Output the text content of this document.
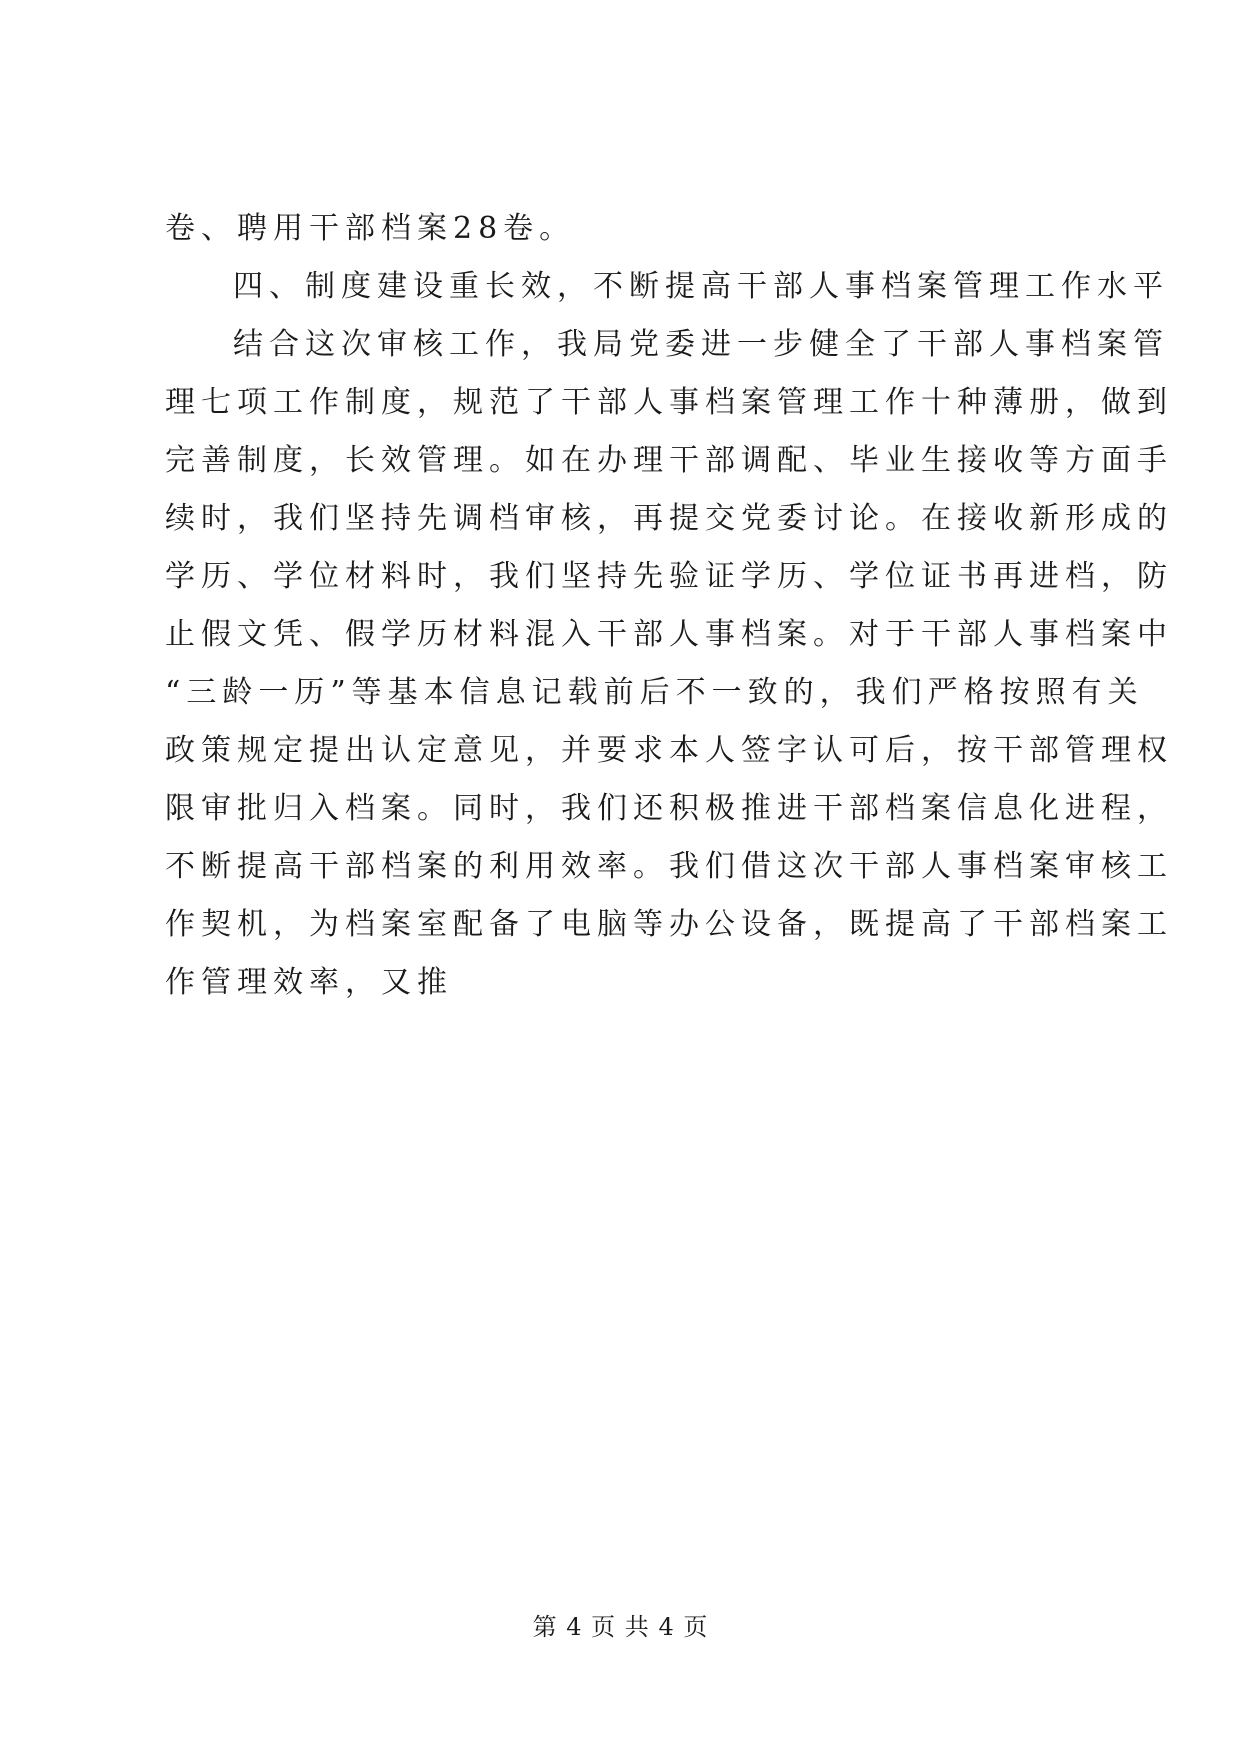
卷、聘用干部档案28卷。
四、制度建设重长效，不断提高干部人事档案管理工作水平
结合这次审核工作，我局党委进一步健全了干部人事档案管
理七项工作制度，规范了干部人事档案管理工作十种薄册，做到
完善制度，长效管理。如在办理干部调配、毕业生接收等方面手
续时，我们坚持先调档审核，再提交党委讨论。在接收新形成的
学历、学位材料时，我们坚持先验证学历、学位证书再进档，防
止假文凭、假学历材料混入干部人事档案。对于干部人事档案中
“三龄一历”等基本信息记载前后不一致的，我们严格按照有关
政策规定提出认定意见，并要求本人签字认可后，按干部管理权
限审批归入档案。同时，我们还积极推进干部档案信息化进程，
不断提高干部档案的利用效率。我们借这次干部人事档案审核工
作契机，为档案室配备了电脑等办公设备，既提高了干部档案工
作管理效率，又推
第 4 页 共 4 页
